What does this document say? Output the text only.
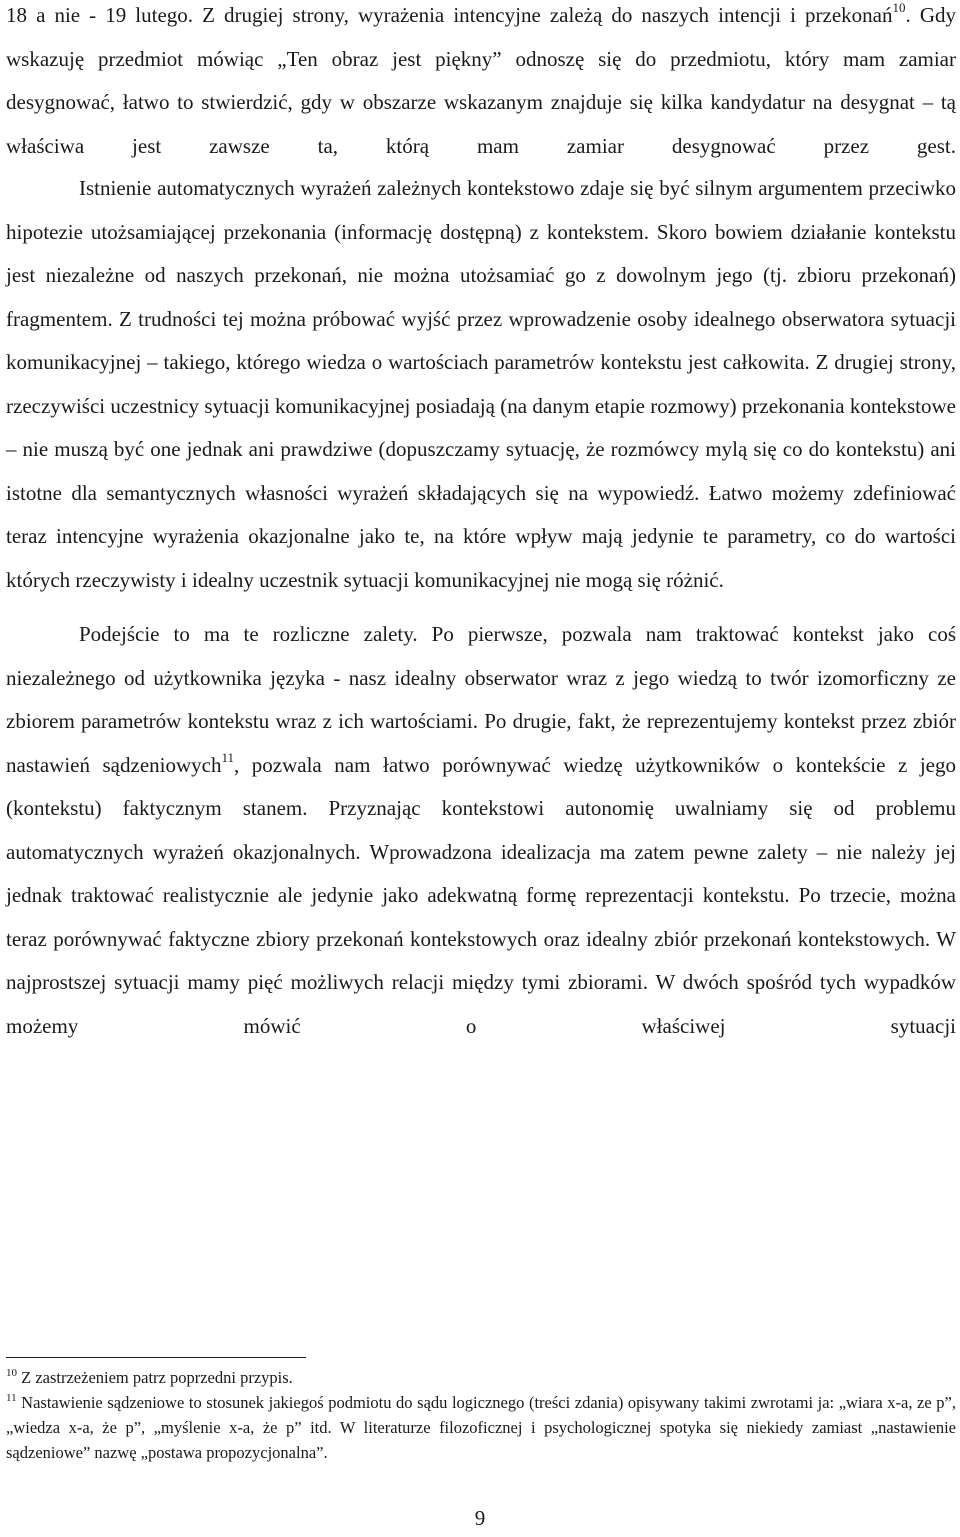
18 a nie - 19 lutego. Z drugiej strony, wyrażenia intencyjne zależą do naszych intencji i przekonań$^{10}$. Gdy wskazuję przedmiot mówiąc „Ten obraz jest piękny” odnoszę się do przedmiotu, który mam zamiar desygnować, łatwo to stwierdzić, gdy w obszarze wskazanym znajduje się kilka kandydatur na desygnat – tą właściwa jest zawsze ta, którą mam zamiar desygnować przez gest.

Istnienie automatycznych wyrażeń zależnych kontekstowo zdaje się być silnym argumentem przeciwko hipotezie utożsamiającej przekonania (informację dostępną) z kontekstem. Skoro bowiem działanie kontekstu jest niezależne od naszych przekonań, nie można utożsamiać go z dowolnym jego (tj. zbioru przekonań) fragmentem. Z trudności tej można próbować wyjść przez wprowadzenie osoby idealnego obserwatora sytuacji komunikacyjnej – takiego, którego wiedza o wartościach parametrów kontekstu jest całkowita. Z drugiej strony, rzeczywiści uczestnicy sytuacji komunikacyjnej posiadają (na danym etapie rozmowy) przekonania kontekstowe – nie muszą być one jednak ani prawdziwe (dopuszczamy sytuację, że rozmówcy mylą się co do kontekstu) ani istotne dla semantycznych własności wyrażeń składających się na wypowiedź. Łatwo możemy zdefiniować teraz intencyjne wyrażenia okazjonalne jako te, na które wpływ mają jedynie te parametry, co do wartości których rzeczywisty i idealny uczestnik sytuacji komunikacyjnej nie mogą się różnić.

Podejście to ma te rozliczne zalety. Po pierwsze, pozwala nam traktować kontekst jako coś niezależnego od użytkownika języka - nasz idealny obserwator wraz z jego wiedzą to twór izomorficzny ze zbiorem parametrów kontekstu wraz z ich wartościami. Po drugie, fakt, że reprezentujemy kontekst przez zbiór nastawień sądzeniowych$^{11}$, pozwala nam łatwo porównywać wiedzę użytkowników o kontekście z jego (kontekstu) faktycznym stanem. Przyznając kontekstowi autonomię uwalniamy się od problemu automatycznych wyrażeń okazjonalnych. Wprowadzona idealizacja ma zatem pewne zalety – nie należy jej jednak traktować realistycznie ale jedynie jako adekwatną formę reprezentacji kontekstu. Po trzecie, można teraz porównywać faktyczne zbiory przekonań kontekstowych oraz idealny zbiór przekonań kontekstowych. W najprostszej sytuacji mamy pięć możliwych relacji między tymi zbiorami. W dwóch spośród tych wypadków możemy mówić o właściwej sytuacji

$^{10}$ Z zastrzeżeniem patrz poprzedni przypis.

$^{11}$ Nastawienie sądzeniowe to stosunek jakiegoś podmiotu do sądu logicznego (treści zdania) opisywany takimi zwrotami ja: „wiara x-a, ze p”, „wiedza x-a, że p”, „myślenie x-a, że p” itd. W literaturze filozoficznej i psychologicznej spotyka się niekiedy zamiast „nastawienie sądzeniowe” nazwę „postawa propozycjonalna”.

9
